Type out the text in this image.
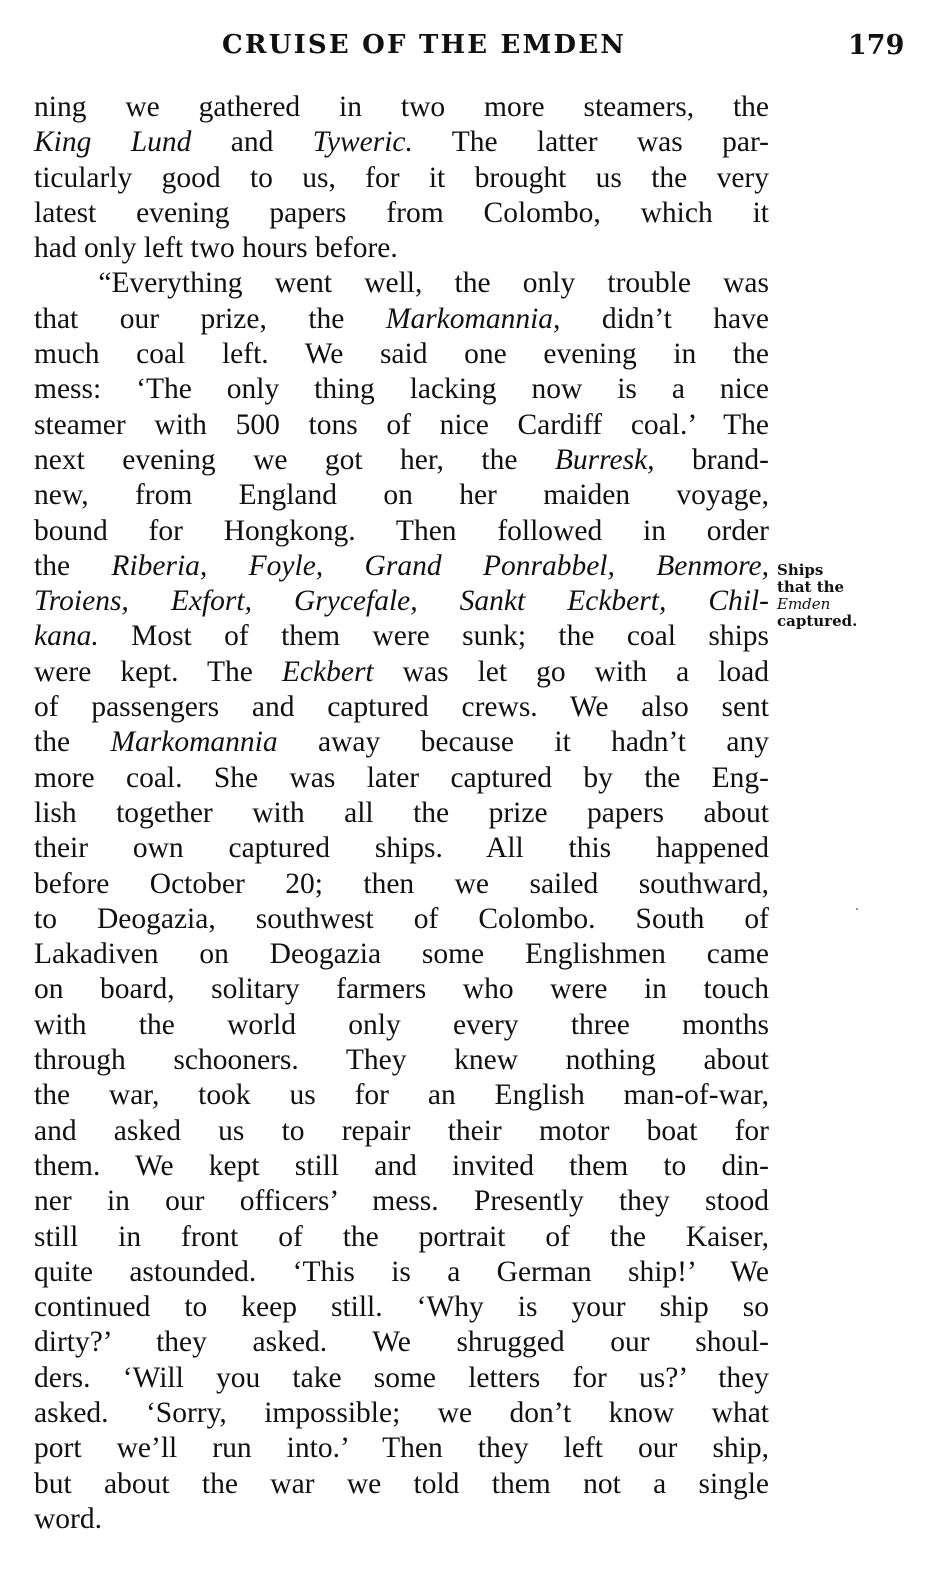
CRUISE OF THE EMDEN	179
ning we gathered in two more steamers, the
King Lund and Tyweric. The latter was par-
ticularly good to us, for it brought us the very
latest evening papers from Colombo, which it
had only left two hours before.
“Everything went well, the only trouble was
that our prize, the Markomannia, didn’t have
much coal left. We said one evening in the
mess: ‘The only thing lacking now is a nice
steamer with 500 tons of nice Cardiff coal.’ The
next evening we got her, the Burresk, brand-
new, from England on her maiden voyage,
bound for Hongkong. Then followed in order
the Riberia, Foyle, Grand Ponrabbel, Benmore,
Troiens, Exfort, Grycefale, Sankt Eckbert, Chil-
kana. Most of them were sunk; the coal ships
were kept. The Eckbert was let go with a load
of passengers and captured crews. We also sent
the Markomannia away because it hadn’t any
more coal. She was later captured by the Eng-
lish together with all the prize papers about
their own captured ships. All this happened
before October 20; then we sailed southward,
to Deogazia, southwest of Colombo. South of
Lakadiven on Deogazia some Englishmen came
on board, solitary farmers who were in touch
with the world only every three months
through schooners. They knew nothing about
the war, took us for an English man-of-war,
and asked us to repair their motor boat for
them. We kept still and invited them to din-
ner in our officers’ mess. Presently they stood
still in front of the portrait of the Kaiser,
quite astounded. ‘This is a German ship!’ We
continued to keep still. ‘Why is your ship so
dirty?’ they asked. We shrugged our shoul-
ders. ‘Will you take some letters for us?’ they
asked. ‘Sorry, impossible; we don’t know what
port we’ll run into.’ Then they left our ship,
but about the war we told them not a single
word.
Ships
that the
Emden
captured.
